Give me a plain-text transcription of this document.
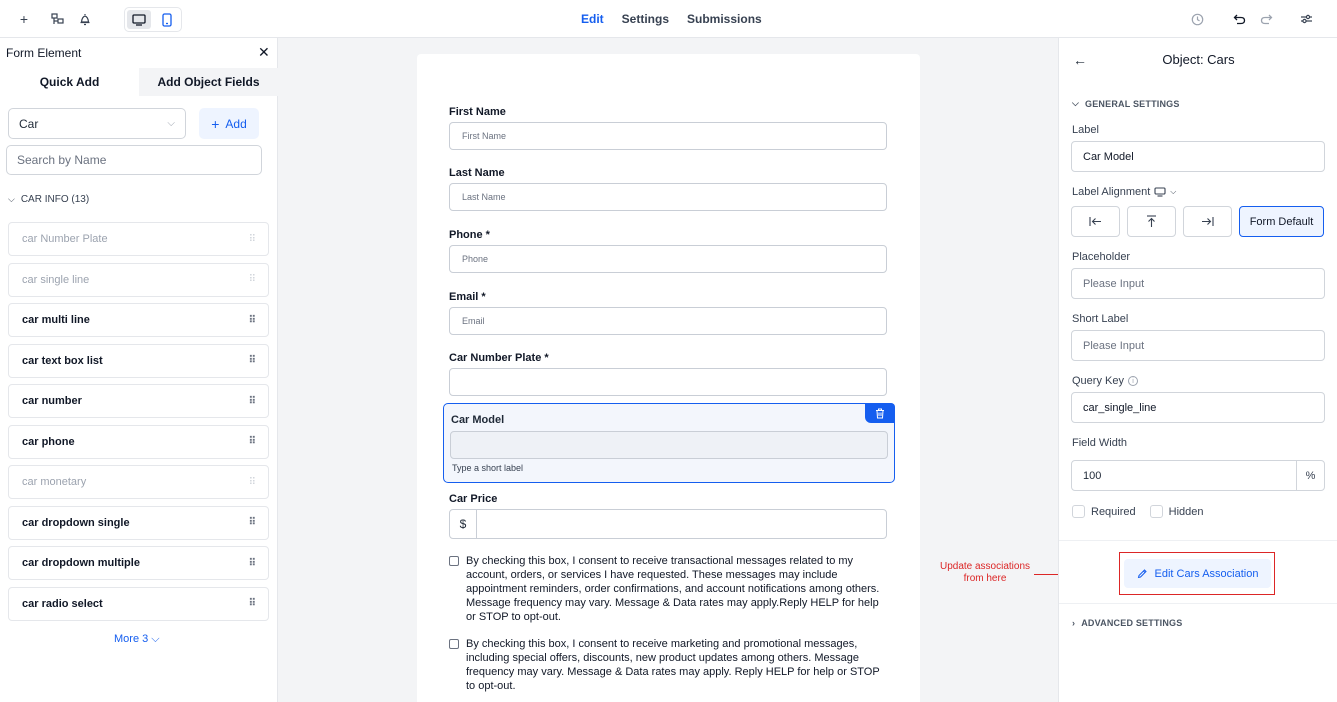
+	Edit Settings Submissions
Form Element	✕
Quick Add	Add Object Fields
Car	⌵	+ Add
Search by Name
⌵ CAR INFO (13)
car Number Plate	⠿
car single line	⠿
car multi line	⠿
car text box list	⠿
car number	⠿
car phone	⠿
car monetary	⠿
car dropdown single	⠿
car dropdown multiple	⠿
car radio select	⠿
More 3 ⌵
First Name
First Name
Last Name
Last Name
Phone *
Phone
Email *
Email
Car Number Plate *
Car Model
Type a short label
Car Price
$
By checking this box, I consent to receive transactional messages related to my account, orders, or services I have requested. These messages may include appointment reminders, order confirmations, and account notifications among others. Message frequency may vary. Message & Data rates may apply.Reply HELP for help or STOP to opt-out.
By checking this box, I consent to receive marketing and promotional messages, including special offers, discounts, new product updates among others. Message frequency may vary. Message & Data rates may apply. Reply HELP for help or STOP to opt-out.
Update associations from here
←	Object: Cars
⌵ GENERAL SETTINGS
Label
Car Model
Label Alignment	⌵
Form Default
Placeholder
Please Input
Short Label
Please Input
Query Key	i
car_single_line
Field Width
100	%
Required	Hidden
Edit Cars Association
› ADVANCED SETTINGS
